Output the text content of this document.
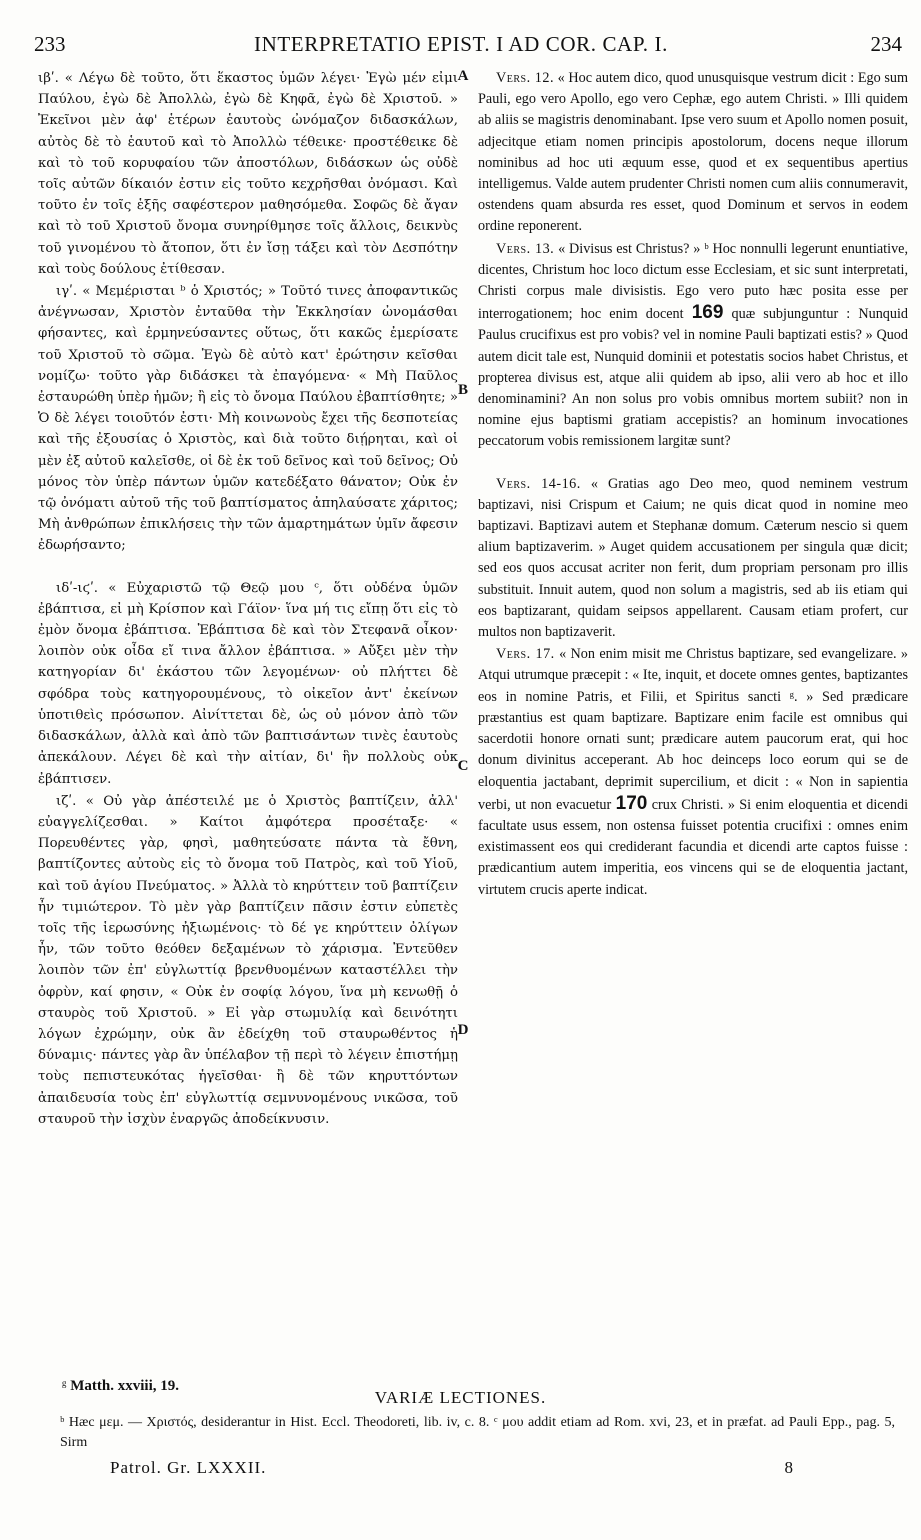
233	INTERPRETATIO EPIST. I AD COR. CAP. I.	234

ιβʹ. « Λέγω δὲ τοῦτο, ὅτι ἕκαστος ὑμῶν λέγει· Ἐγὼ μέν εἰμι Παύλου, ἐγὼ δὲ Ἀπολλὼ, ἐγὼ δὲ Κηφᾶ, ἐγὼ δὲ Χριστοῦ. » Ἐκεῖνοι μὲν ἀφ' ἑτέρων ἑαυτοὺς ὠνόμαζον διδασκάλων, αὐτὸς δὲ τὸ ἑαυτοῦ καὶ τὸ Ἀπολλὼ τέθεικε· προστέθεικε δὲ καὶ τὸ τοῦ κορυφαίου τῶν ἀποστόλων, διδάσκων ὡς οὐδὲ τοῖς αὐτῶν δίκαιόν ἐστιν εἰς τοῦτο κεχρῆσθαι ὀνόμασι. Καὶ τοῦτο ἐν τοῖς ἑξῆς σαφέστερον μαθησόμεθα. Σοφῶς δὲ ἄγαν καὶ τὸ τοῦ Χριστοῦ ὄνομα συνηρίθμησε τοῖς ἄλλοις, δεικνὺς τοῦ γινομένου τὸ ἄτοπον, ὅτι ἐν ἴσῃ τάξει καὶ τὸν Δεσπότην καὶ τοὺς δούλους ἐτίθεσαν.

ιγʹ. « Μεμέρισται ᵇ ὁ Χριστός; » Τοῦτό τινες ἀποφαντικῶς ἀνέγνωσαν, Χριστὸν ἐνταῦθα τὴν Ἐκκλησίαν ὠνομάσθαι φήσαντες, καὶ ἑρμηνεύσαντες οὕτως, ὅτι κακῶς ἐμερίσατε τοῦ Χριστοῦ τὸ σῶμα. Ἐγὼ δὲ αὐτὸ κατ' ἐρώτησιν κεῖσθαι νομίζω· τοῦτο γὰρ διδάσκει τὰ ἐπαγόμενα· « Μὴ Παῦλος ἐσταυρώθη ὑπὲρ ἡμῶν; ἢ εἰς τὸ ὄνομα Παύλου ἐβαπτίσθητε; » Ὁ δὲ λέγει τοιοῦτόν ἐστι· Μὴ κοινωνοὺς ἔχει τῆς δεσποτείας καὶ τῆς ἐξουσίας ὁ Χριστὸς, καὶ διὰ τοῦτο διῄρηται, καὶ οἱ μὲν ἐξ αὐτοῦ καλεῖσθε, οἱ δὲ ἐκ τοῦ δεῖνος καὶ τοῦ δεῖνος; Οὐ μόνος τὸν ὑπὲρ πάντων ὑμῶν κατεδέξατο θάνατον; Οὐκ ἐν τῷ ὀνόματι αὐτοῦ τῆς τοῦ βαπτίσματος ἀπηλαύσατε χάριτος; Μὴ ἀνθρώπων ἐπικλήσεις τὴν τῶν ἁμαρτημάτων ὑμῖν ἄφεσιν ἐδωρήσαντο;

ιδʹ-ιϛʹ. « Εὐχαριστῶ τῷ Θεῷ μου ᶜ, ὅτι οὐδένα ὑμῶν ἐβάπτισα, εἰ μὴ Κρίσπον καὶ Γάϊον· ἵνα μή τις εἴπῃ ὅτι εἰς τὸ ἐμὸν ὄνομα ἐβάπτισα. Ἐβάπτισα δὲ καὶ τὸν Στεφανᾶ οἶκον· λοιπὸν οὐκ οἶδα εἴ τινα ἄλλον ἐβάπτισα. » Αὔξει μὲν τὴν κατηγορίαν δι' ἑκάστου τῶν λεγομένων· οὐ πλήττει δὲ σφόδρα τοὺς κατηγορουμένους, τὸ οἰκεῖον ἀντ' ἐκείνων ὑποτιθεὶς πρόσωπον. Αἰνίττεται δὲ, ὡς οὐ μόνον ἀπὸ τῶν διδασκάλων, ἀλλὰ καὶ ἀπὸ τῶν βαπτισάντων τινὲς ἑαυτοὺς ἀπεκάλουν. Λέγει δὲ καὶ τὴν αἰτίαν, δι' ἣν πολλοὺς οὐκ ἐβάπτισεν.

ιζʹ. « Οὐ γὰρ ἀπέστειλέ με ὁ Χριστὸς βαπτίζειν, ἀλλ' εὐαγγελίζεσθαι. » Καίτοι ἀμφότερα προσέταξε· « Πορευθέντες γὰρ, φησὶ, μαθητεύσατε πάντα τὰ ἔθνη, βαπτίζοντες αὐτοὺς εἰς τὸ ὄνομα τοῦ Πατρὸς, καὶ τοῦ Υἱοῦ, καὶ τοῦ ἁγίου Πνεύματος. » Ἀλλὰ τὸ κηρύττειν τοῦ βαπτίζειν ἦν τιμιώτερον. Τὸ μὲν γὰρ βαπτίζειν πᾶσιν ἐστιν εὐπετὲς τοῖς τῆς ἱερωσύνης ἠξιωμένοις· τὸ δέ γε κηρύττειν ὀλίγων ἦν, τῶν τοῦτο θεόθεν δεξαμένων τὸ χάρισμα. Ἐντεῦθεν λοιπὸν τῶν ἐπ' εὐγλωττίᾳ βρενθυομένων καταστέλλει τὴν ὀφρὺν, καί φησιν, « Οὐκ ἐν σοφίᾳ λόγου, ἵνα μὴ κενωθῇ ὁ σταυρὸς τοῦ Χριστοῦ. » Εἰ γὰρ στωμυλίᾳ καὶ δεινότητι λόγων ἐχρώμην, οὐκ ἂν ἐδείχθη τοῦ σταυρωθέντος ἡ δύναμις· πάντες γὰρ ἂν ὑπέλαβον τῇ περὶ τὸ λέγειν ἐπιστήμῃ τοὺς πεπιστευκότας ἡγεῖσθαι· ἢ δὲ τῶν κηρυττόντων ἀπαιδευσία τοὺς ἐπ' εὐγλωττίᾳ σεμνυνομένους νικῶσα, τοῦ σταυροῦ τὴν ἰσχὺν ἐναργῶς ἀποδείκνυσιν.

A
B
C
D

Vers. 12. « Hoc autem dico, quod unusquisque vestrum dicit : Ego sum Pauli, ego vero Apollo, ego vero Cephæ, ego autem Christi. » Illi quidem ab aliis se magistris denominabant. Ipse vero suum et Apollo nomen posuit, adjecitque etiam nomen principis apostolorum, docens neque illorum nominibus ad hoc uti æquum esse, quod et ex sequentibus apertius intelligemus. Valde autem prudenter Christi nomen cum aliis connumeravit, ostendens quam absurda res esset, quod Dominum et servos in eodem ordine reponerent.

Vers. 13. « Divisus est Christus? » ᵇ Hoc nonnulli legerunt enuntiative, dicentes, Christum hoc loco dictum esse Ecclesiam, et sic sunt interpretati, Christi corpus male divisistis. Ego vero puto hæc posita esse per interrogationem; hoc enim docent 169 quæ subjunguntur : Nunquid Paulus crucifixus est pro vobis? vel in nomine Pauli baptizati estis? » Quod autem dicit tale est, Nunquid dominii et potestatis socios habet Christus, et propterea divisus est, atque alii quidem ab ipso, alii vero ab hoc et illo denominamini? An non solus pro vobis omnibus mortem subiit? non in nomine ejus baptismi gratiam accepistis? an hominum invocationes peccatorum vobis remissionem largitæ sunt?

Vers. 14-16. « Gratias ago Deo meo, quod neminem vestrum baptizavi, nisi Crispum et Caium; ne quis dicat quod in nomine meo baptizavi. Baptizavi autem et Stephanæ domum. Cæterum nescio si quem alium baptizaverim. » Auget quidem accusationem per singula quæ dicit; sed eos quos accusat acriter non ferit, dum propriam personam pro illis substituit. Innuit autem, quod non solum a magistris, sed ab iis etiam qui eos baptizarant, quidam seipsos appellarent. Causam etiam profert, cur multos non baptizaverit.

Vers. 17. « Non enim misit me Christus baptizare, sed evangelizare. » Atqui utrumque præcepit : « Ite, inquit, et docete omnes gentes, baptizantes eos in nomine Patris, et Filii, et Spiritus sancti ᵍ. » Sed prædicare præstantius est quam baptizare. Baptizare enim facile est omnibus qui sacerdotii honore ornati sunt; prædicare autem paucorum erat, qui hoc donum divinitus acceperant. Ab hoc deinceps loco eorum qui se de eloquentia jactabant, deprimit supercilium, et dicit : « Non in sapientia verbi, ut non evacuetur 170 crux Christi. » Si enim eloquentia et dicendi facultate usus essem, non ostensa fuisset potentia crucifixi : omnes enim existimassent eos qui crediderant facundia et dicendi arte captos fuisse : prædicantium autem imperitia, eos vincens qui se de eloquentia jactant, virtutem crucis aperte indicat.

ᵍ Matth. xxviii, 19.
VARIÆ LECTIONES.
ᵇ Hæc μεμ. — Χριστός, desiderantur in Hist. Eccl. Theodoreti, lib. iv, c. 8. ᶜ μου addit etiam ad Rom. xvi, 23, et in præfat. ad Pauli Epp., pag. 5, Sirm
Patrol. Gr. LXXXII.	8
